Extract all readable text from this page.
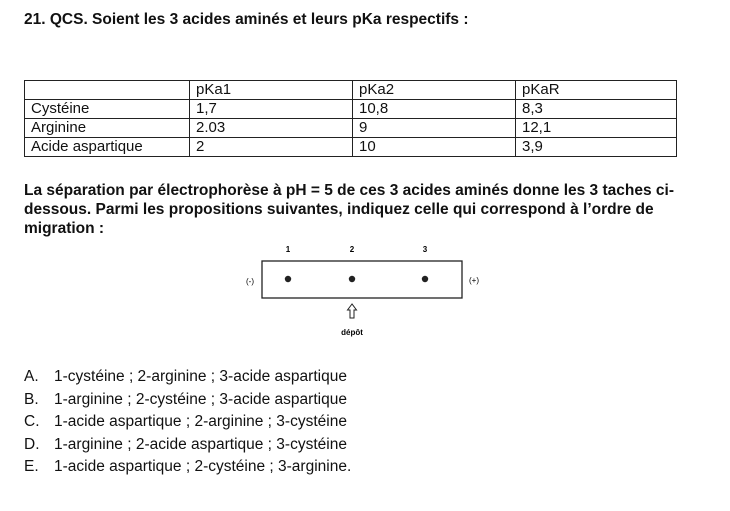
21. QCS. Soient les 3 acides aminés et leurs pKa respectifs :
	pKa1	pKa2	pKaR
Cystéine	1,7	10,8	8,3
Arginine	2.03	9	12,1
Acide aspartique	2	10	3,9
La séparation par électrophorèse à pH = 5 de ces 3 acides aminés donne les 3 taches ci-dessous. Parmi les propositions suivantes, indiquez celle qui correspond à l’ordre de migration :
1	2	3
(-)	(+)
dépôt
A. 1-cystéine ; 2-arginine ; 3-acide aspartique
B. 1-arginine ; 2-cystéine ; 3-acide aspartique
C. 1-acide aspartique ; 2-arginine ; 3-cystéine
D. 1-arginine ; 2-acide aspartique ; 3-cystéine
E. 1-acide aspartique ; 2-cystéine ; 3-arginine.
